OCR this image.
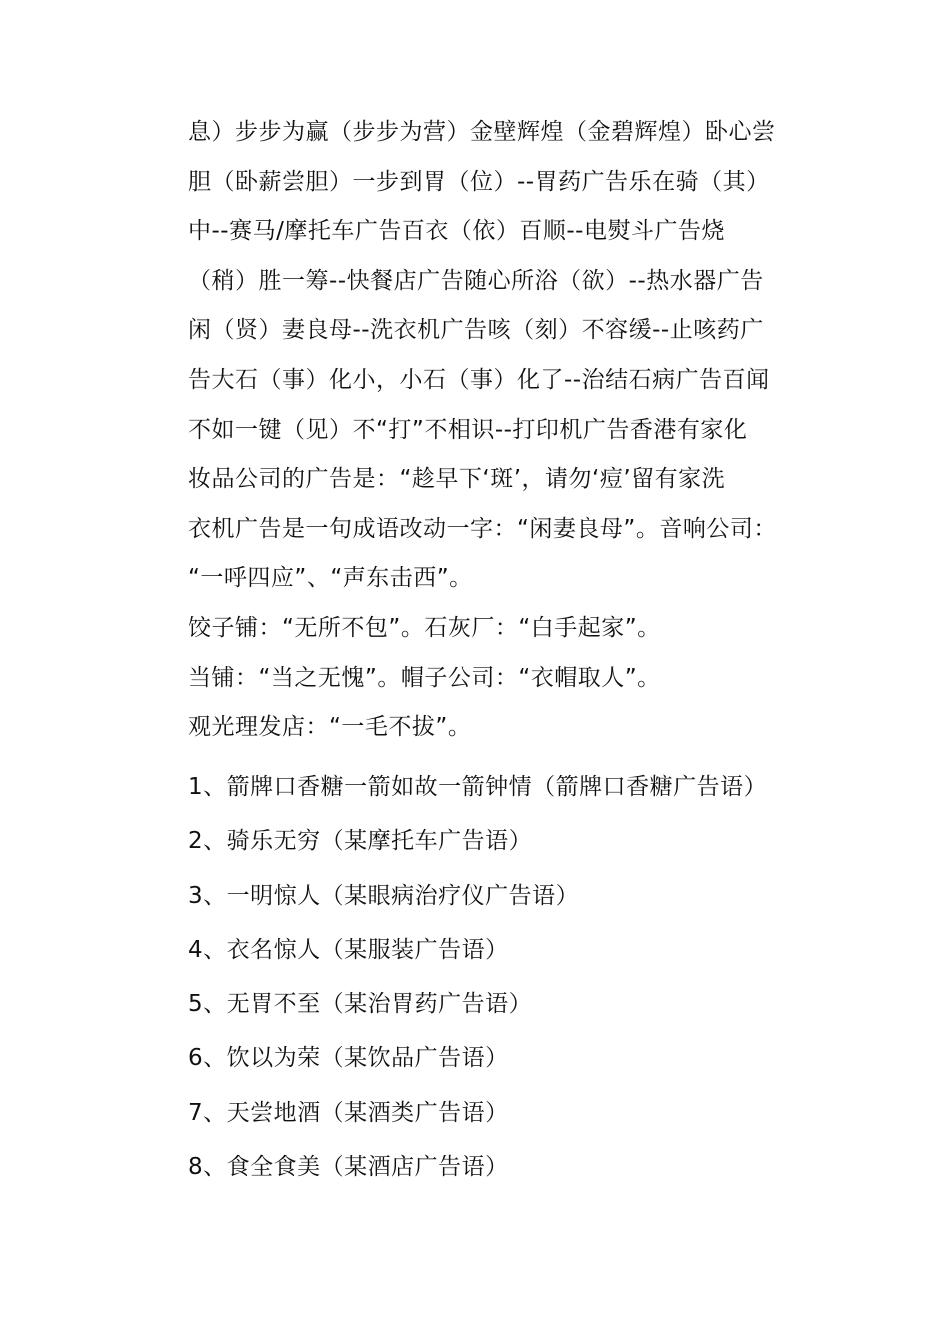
息）步步为赢（步步为营）金壁辉煌（金碧辉煌）卧心尝
胆（卧薪尝胆）一步到胃（位）--胃药广告乐在骑（其）
中--赛马/摩托车广告百衣（依）百顺--电熨斗广告烧
（稍）胜一筹--快餐店广告随心所浴（欲）--热水器广告
闲（贤）妻良母--洗衣机广告咳（刻）不容缓--止咳药广
告大石（事）化小，小石（事）化了--治结石病广告百闻
不如一键（见）不“打”不相识--打印机广告香港有家化
妆品公司的广告是：“趁早下‘斑’，请勿‘痘’留有家洗
衣机广告是一句成语改动一字：“闲妻良母”。音响公司：
“一呼四应”、“声东击西”。
饺子铺：“无所不包”。石灰厂：“白手起家”。
当铺：“当之无愧”。帽子公司：“衣帽取人”。
观光理发店：“一毛不拔”。
1、箭牌口香糖一箭如故一箭钟情（箭牌口香糖广告语）
2、骑乐无穷（某摩托车广告语）
3、一明惊人（某眼病治疗仪广告语）
4、衣名惊人（某服装广告语）
5、无胃不至（某治胃药广告语）
6、饮以为荣（某饮品广告语）
7、天尝地酒（某酒类广告语）
8、食全食美（某酒店广告语）
